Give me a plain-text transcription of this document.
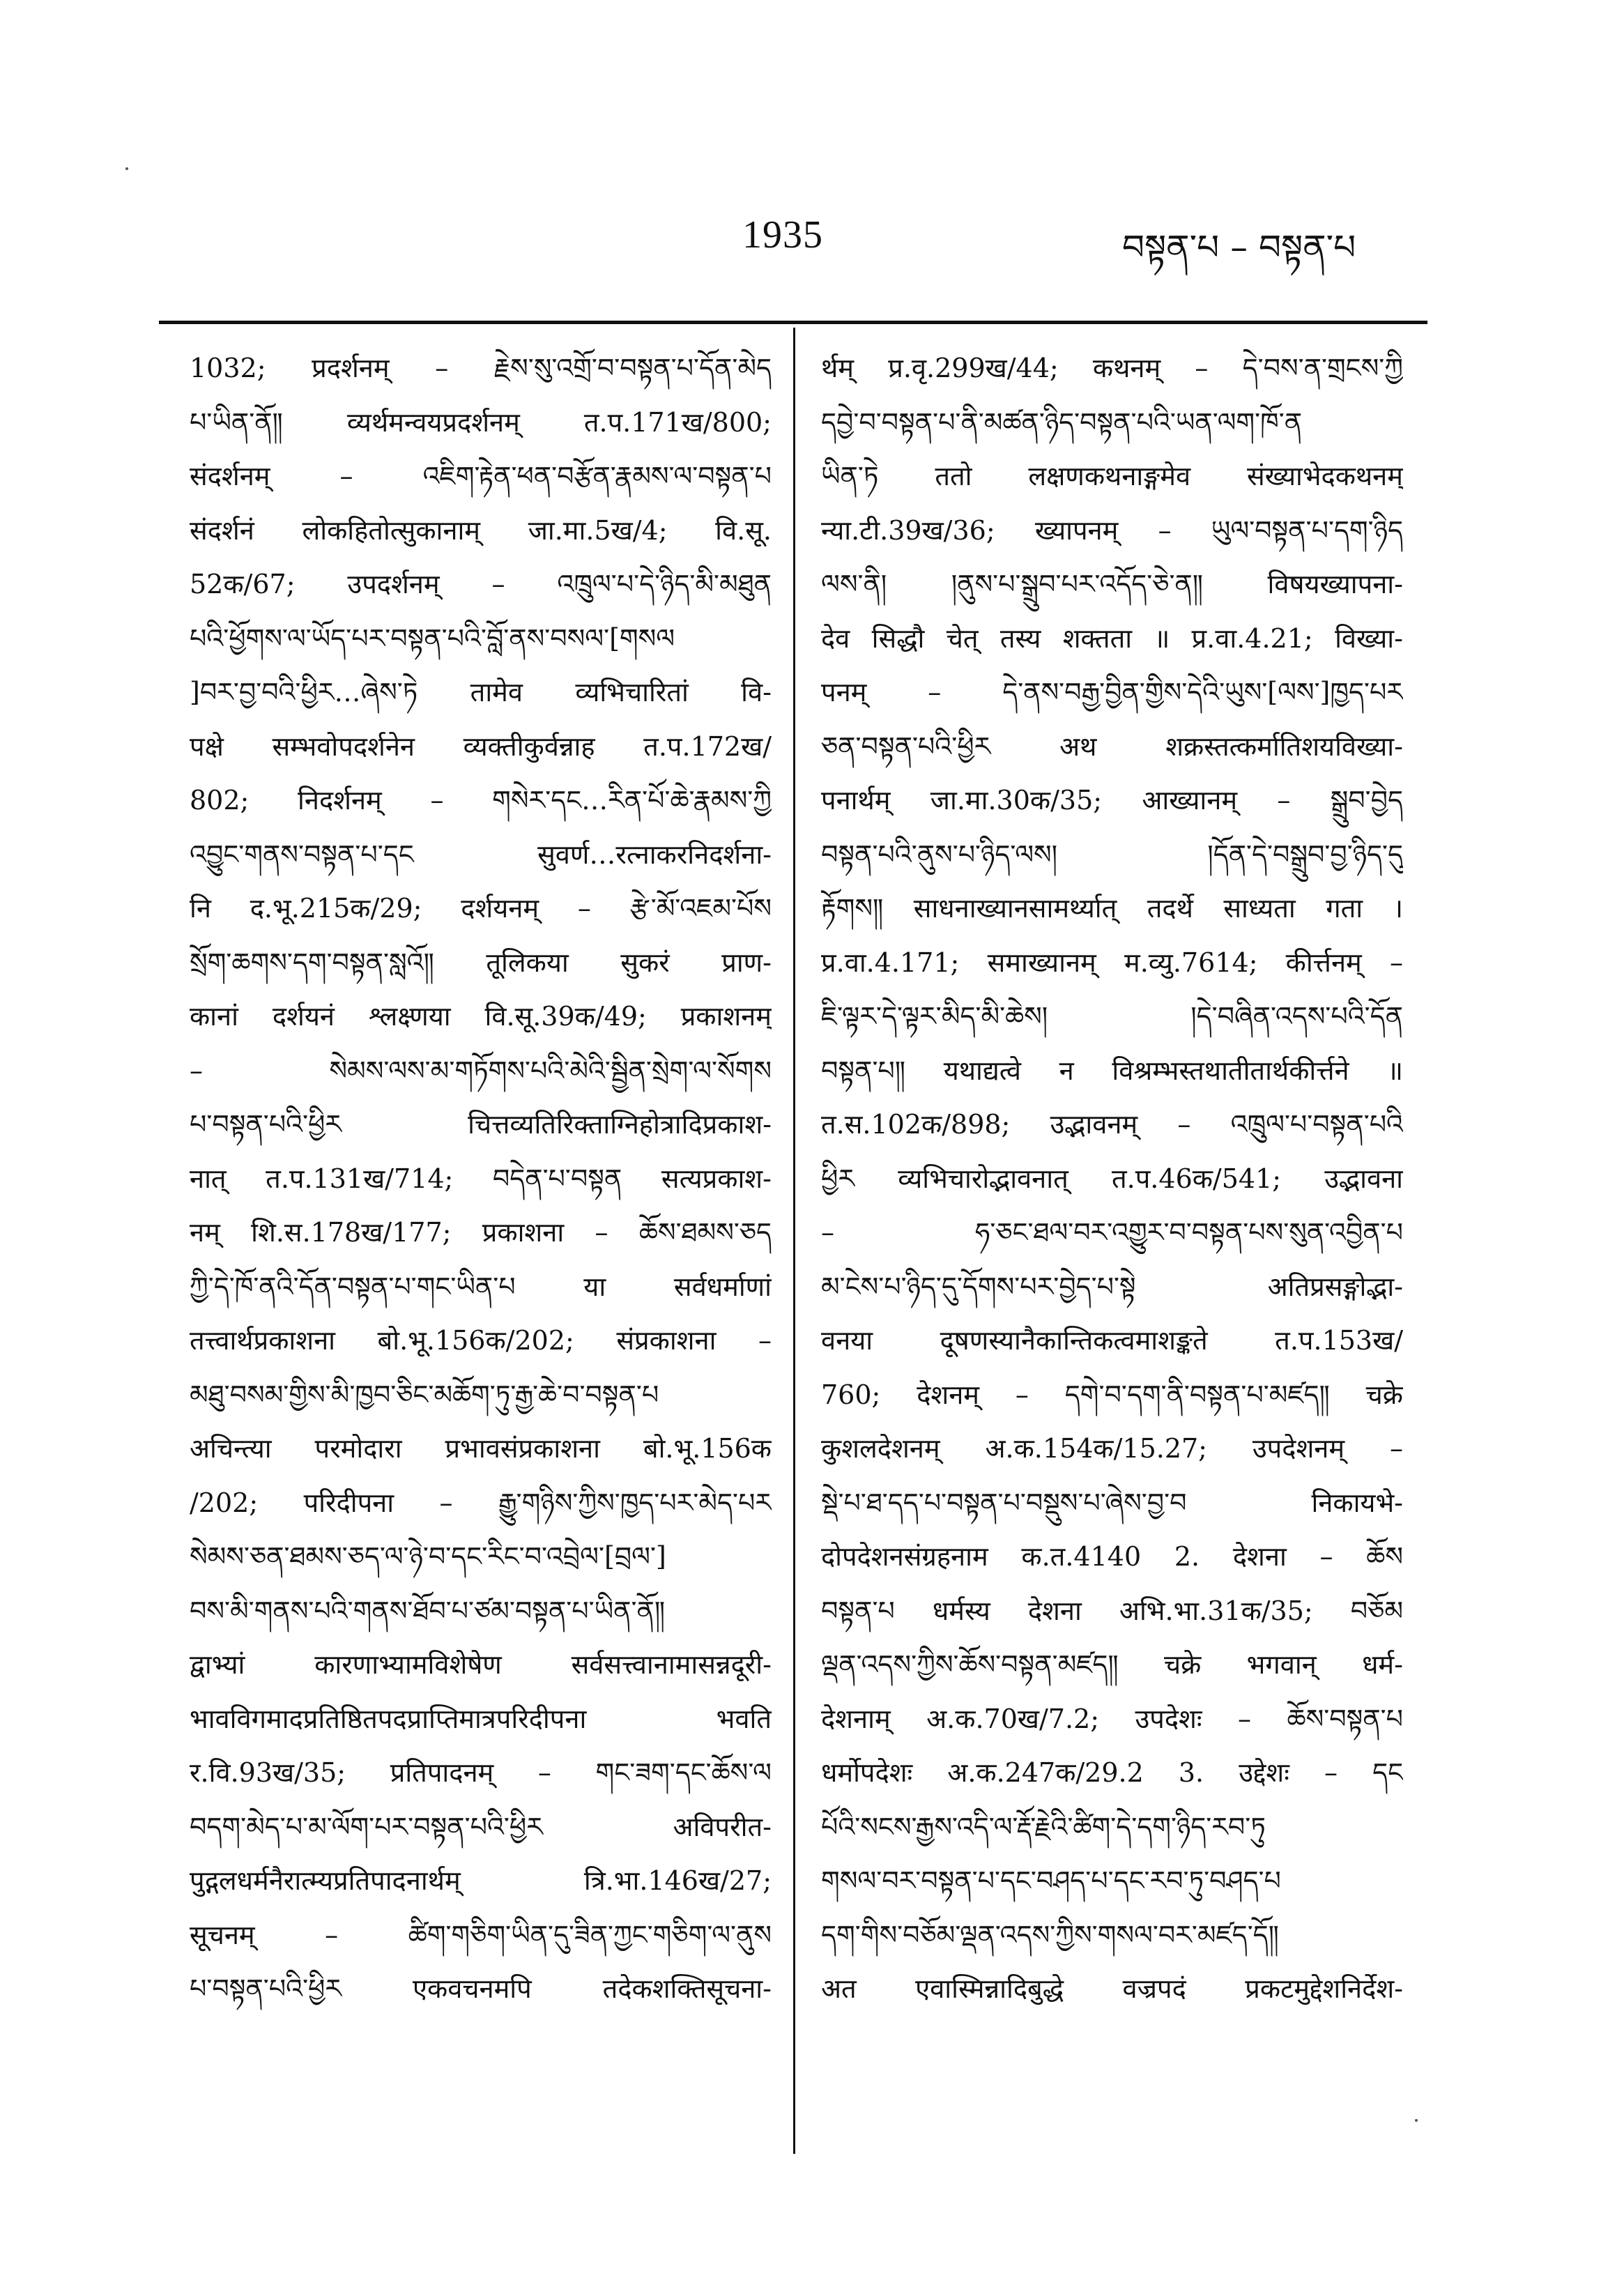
1935	བསྟན་པ – བསྟན་པ
1032; प्रदर्शनम् – རྗེས་སུ་འགྲོ་བ་བསྟན་པ་དོན་མེད
པ་ཡིན་ནོ༎ व्यर्थमन्वयप्रदर्शनम् त.प.171ख/800;
संदर्शनम् – འཇིག་རྟེན་ཕན་བརྩོན་རྣམས་ལ་བསྟན་པ
संदर्शनं लोकहितोत्सुकानाम् जा.मा.5ख/4; वि.सू.
52क/67; उपदर्शनम् – འཁྲུལ་པ་དེ་ཉིད་མི་མཐུན
པའི་ཕྱོགས་ལ་ཡོད་པར་བསྟན་པའི་བློ་ནས་བསལ་[གསལ
]བར་བྱ་བའི་ཕྱིར…ཞེས་ཏེ तामेव व्यभिचारितां वि-
पक्षे सम्भवोपदर्शनेन व्यक्तीकुर्वन्नाह त.प.172ख/
802; निदर्शनम् – གསེར་དང…རིན་པོ་ཆེ་རྣམས་ཀྱི
འབྱུང་གནས་བསྟན་པ་དང सुवर्ण…रत्नाकरनिदर्शना-
नि द.भू.215क/29; दर्शयनम् – རྩེ་མོ་འཇམ་པོས
སྲོག་ཆགས་དག་བསྟན་སླའོ༎ तूलिकया सुकरं प्राण-
कानां दर्शयनं श्लक्ष्णया वि.सू.39क/49; प्रकाशनम्
– སེམས་ལས་མ་གཏོགས་པའི་མེའི་སྦྱིན་སྲེག་ལ་སོགས
པ་བསྟན་པའི་ཕྱིར चित्तव्यतिरिक्ताग्निहोत्रादिप्रकाश-
नात् त.प.131ख/714; བདེན་པ་བསྟན सत्यप्रकाश-
नम् शि.स.178ख/177; प्रकाशना – ཆོས་ཐམས་ཅད
ཀྱི་དེ་ཁོ་ནའི་དོན་བསྟན་པ་གང་ཡིན་པ या सर्वधर्माणां
तत्त्वार्थप्रकाशना बो.भू.156क/202; संप्रकाशना –
མཐུ་བསམ་གྱིས་མི་ཁྱབ་ཅིང་མཆོག་ཏུ་རྒྱ་ཆེ་བ་བསྟན་པ
अचिन्त्या परमोदारा प्रभावसंप्रकाशना बो.भू.156क
/202; परिदीपना – རྒྱུ་གཉིས་ཀྱིས་ཁྱད་པར་མེད་པར
སེམས་ཅན་ཐམས་ཅད་ལ་ཉེ་བ་དང་རིང་བ་འབྲེལ་[བྲལ་]
བས་མི་གནས་པའི་གནས་ཐོབ་པ་ཙམ་བསྟན་པ་ཡིན་ནོ༎
द्वाभ्यां कारणाभ्यामविशेषेण सर्वसत्त्वानामासन्नदूरी-
भावविगमादप्रतिष्ठितपदप्राप्तिमात्रपरिदीपना भवति
र.वि.93ख/35; प्रतिपादनम् – གང་ཟག་དང་ཆོས་ལ
བདག་མེད་པ་མ་ལོག་པར་བསྟན་པའི་ཕྱིར अविपरीत-
पुद्गलधर्मनैरात्म्यप्रतिपादनार्थम् त्रि.भा.146ख/27;
सूचनम् – ཚིག་གཅིག་ཡིན་དུ་ཟིན་ཀྱང་གཅིག་ལ་ནུས
པ་བསྟན་པའི་ཕྱིར एकवचनमपि तदेकशक्तिसूचना-
र्थम् प्र.वृ.299ख/44; कथनम् – དེ་བས་ན་གྲངས་ཀྱི
དབྱེ་བ་བསྟན་པ་ནི་མཚན་ཉིད་བསྟན་པའི་ཡན་ལག་ཁོ་ན
ཡིན་ཏེ ततो लक्षणकथनाङ्गमेव संख्याभेदकथनम्
न्या.टी.39ख/36; ख्यापनम् – ཡུལ་བསྟན་པ་དག་ཉིད
ལས་ནི། །ནུས་པ་སྒྲུབ་པར་འདོད་ཅེ་ན༎ विषयख्यापना-
देव सिद्धौ चेत् तस्य शक्तता ॥ प्र.वा.4.21; विख्या-
पनम् – དེ་ནས་བརྒྱ་བྱིན་གྱིས་དེའི་ཡུས་[ལས་]ཁྱད་པར
ཅན་བསྟན་པའི་ཕྱིར अथ शक्रस्तत्कर्मातिशयविख्या-
पनार्थम् जा.मा.30क/35; आख्यानम् – སྒྲུབ་བྱེད
བསྟན་པའི་ནུས་པ་ཉིད་ལས། །དོན་དེ་བསྒྲུབ་བྱ་ཉིད་དུ
རྟོགས༎ साधनाख्यानसामर्थ्यात् तदर्थे साध्यता गता ।
प्र.वा.4.171; समाख्यानम् म.व्यु.7614; कीर्त्तनम् –
ཇི་ལྟར་དེ་ལྟར་མིད་མི་ཆེས། །དེ་བཞིན་འདས་པའི་དོན
བསྟན་པ༎ यथाद्यत्वे न विश्रम्भस्तथातीतार्थकीर्त्तने ॥
त.स.102क/898; उद्भावनम् – འཁྲུལ་པ་བསྟན་པའི
ཕྱིར व्यभिचारोद्भावनात् त.प.46क/541; उद्भावना
– ཧ་ཅང་ཐལ་བར་འགྱུར་བ་བསྟན་པས་སུན་འབྱིན་པ
མ་ངེས་པ་ཉིད་དུ་དོགས་པར་བྱེད་པ་སྟེ अतिप्रसङ्गोद्भा-
वनया दूषणस्यानैकान्तिकत्वमाशङ्कते त.प.153ख/
760; देशनम् – དགེ་བ་དག་ནི་བསྟན་པ་མཛད༎ चक्रे
कुशलदेशनम् अ.क.154क/15.27; उपदेशनम् –
སྡེ་པ་ཐ་དད་པ་བསྟན་པ་བསྡུས་པ་ཞེས་བྱ་བ निकायभे-
दोपदेशनसंग्रहनाम क.त.4140 2. देशना – ཆོས
བསྟན་པ धर्मस्य देशना अभि.भा.31क/35; བཅོམ
ལྡན་འདས་ཀྱིས་ཆོས་བསྟན་མཛད༎ चक्रे भगवान् धर्म-
देशनाम् अ.क.70ख/7.2; उपदेशः – ཆོས་བསྟན་པ
धर्मोपदेशः अ.क.247क/29.2 3. उद्देशः – དང
པོའི་སངས་རྒྱས་འདི་ལ་རྡོ་རྗེའི་ཚིག་དེ་དག་ཉིད་རབ་ཏུ
གསལ་བར་བསྟན་པ་དང་བཤད་པ་དང་རབ་ཏུ་བཤད་པ
དག་གིས་བཅོམ་ལྡན་འདས་ཀྱིས་གསལ་བར་མཛད་དོ༎
अत एवास्मिन्नादिबुद्धे वज्रपदं प्रकटमुद्देशनिर्देश-
